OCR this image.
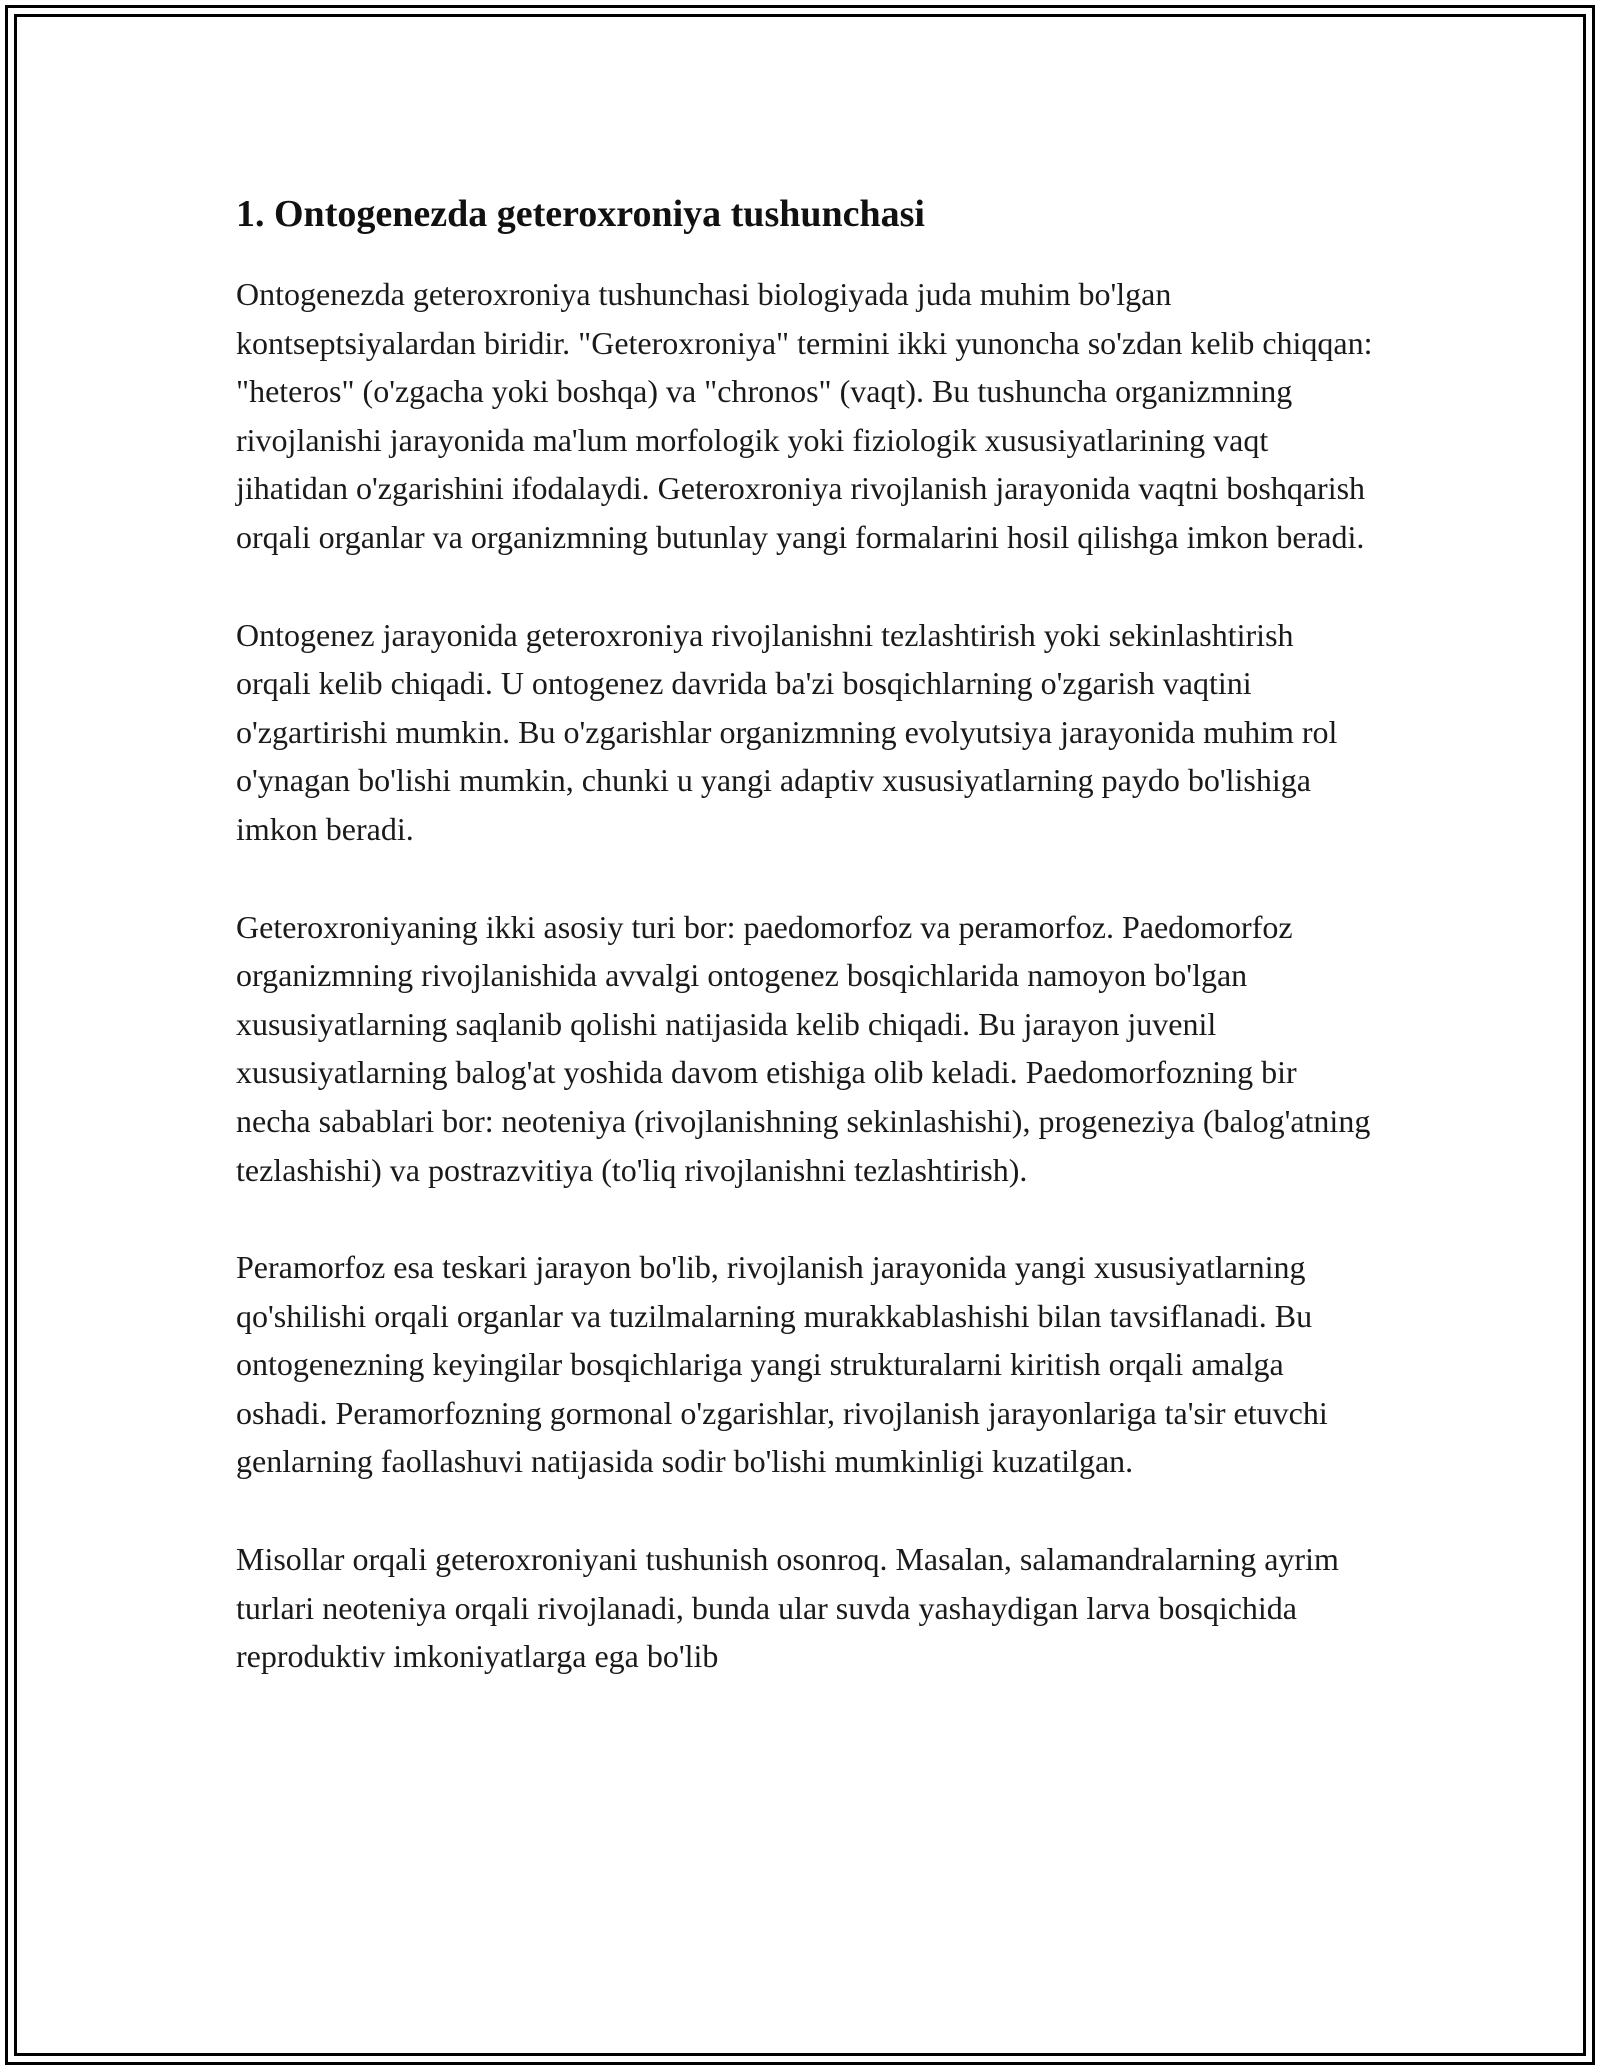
1. Ontogenezda geteroxroniya tushunchasi

Ontogenezda geteroxroniya tushunchasi biologiyada juda muhim bo'lgan kontseptsiyalardan biridir. "Geteroxroniya" termini ikki yunoncha so'zdan kelib chiqqan: "heteros" (o'zgacha yoki boshqa) va "chronos" (vaqt). Bu tushuncha organizmning rivojlanishi jarayonida ma'lum morfologik yoki fiziologik xususiyatlarining vaqt jihatidan o'zgarishini ifodalaydi. Geteroxroniya rivojlanish jarayonida vaqtni boshqarish orqali organlar va organizmning butunlay yangi formalarini hosil qilishga imkon beradi.

Ontogenez jarayonida geteroxroniya rivojlanishni tezlashtirish yoki sekinlashtirish orqali kelib chiqadi. U ontogenez davrida ba'zi bosqichlarning o'zgarish vaqtini o'zgartirishi mumkin. Bu o'zgarishlar organizmning evolyutsiya jarayonida muhim rol o'ynagan bo'lishi mumkin, chunki u yangi adaptiv xususiyatlarning paydo bo'lishiga imkon beradi.

Geteroxroniyaning ikki asosiy turi bor: paedomorfoz va peramorfoz. Paedomorfoz organizmning rivojlanishida avvalgi ontogenez bosqichlarida namoyon bo'lgan xususiyatlarning saqlanib qolishi natijasida kelib chiqadi. Bu jarayon juvenil xususiyatlarning balog'at yoshida davom etishiga olib keladi. Paedomorfozning bir necha sabablari bor: neoteniya (rivojlanishning sekinlashishi), progeneziya (balog'atning tezlashishi) va postrazvitiya (to'liq rivojlanishni tezlashtirish).

Peramorfoz esa teskari jarayon bo'lib, rivojlanish jarayonida yangi xususiyatlarning qo'shilishi orqali organlar va tuzilmalarning murakkablashishi bilan tavsiflanadi. Bu ontogenezning keyingilar bosqichlariga yangi strukturalarni kiritish orqali amalga oshadi. Peramorfozning gormonal o'zgarishlar, rivojlanish jarayonlariga ta'sir etuvchi genlarning faollashuvi natijasida sodir bo'lishi mumkinligi kuzatilgan.

Misollar orqali geteroxroniyani tushunish osonroq. Masalan, salamandralarning ayrim turlari neoteniya orqali rivojlanadi, bunda ular suvda yashaydigan larva bosqichida reproduktiv imkoniyatlarga ega bo'lib
